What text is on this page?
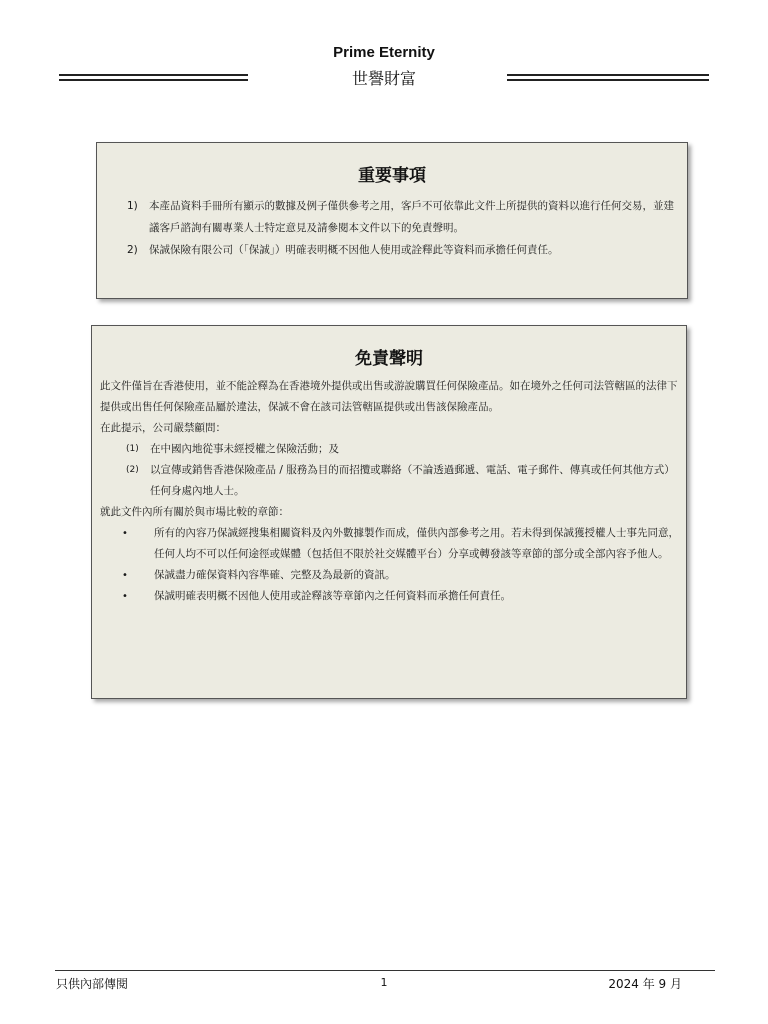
Prime Eternity
世譽財富
重要事項
1) 本產品資料手冊所有顯示的數據及例子僅供參考之用，客戶不可依靠此文件上所提供的資料以進行任何交易，並建議客戶諮詢有關專業人士特定意見及請參閱本文件以下的免責聲明。
2) 保誠保險有限公司（「保誠」）明確表明概不因他人使用或詮釋此等資料而承擔任何責任。
免責聲明
此文件僅旨在香港使用，並不能詮釋為在香港境外提供或出售或游說購買任何保險產品。如在境外之任何司法管轄區的法律下提供或出售任何保險產品屬於違法，保誠不會在該司法管轄區提供或出售該保險產品。
在此提示，公司嚴禁顧問：
(1) 在中國內地從事未經授權之保險活動；及
(2) 以宣傳或銷售香港保險產品 / 服務為目的而招攬或聯絡（不論透過郵遞、電話、電子郵件、傳真或任何其他方式）任何身處內地人士。
就此文件內所有關於與市場比較的章節：
• 所有的內容乃保誠經搜集相關資料及內外數據製作而成，僅供內部參考之用。若未得到保誠獲授權人士事先同意，任何人均不可以任何途徑或媒體（包括但不限於社交媒體平台）分享或轉發該等章節的部分或全部內容予他人。
• 保誠盡力確保資料內容準確、完整及為最新的資訊。
• 保誠明確表明概不因他人使用或詮釋該等章節內之任何資料而承擔任何責任。
只供內部傳閱	1	2024 年 9 月
